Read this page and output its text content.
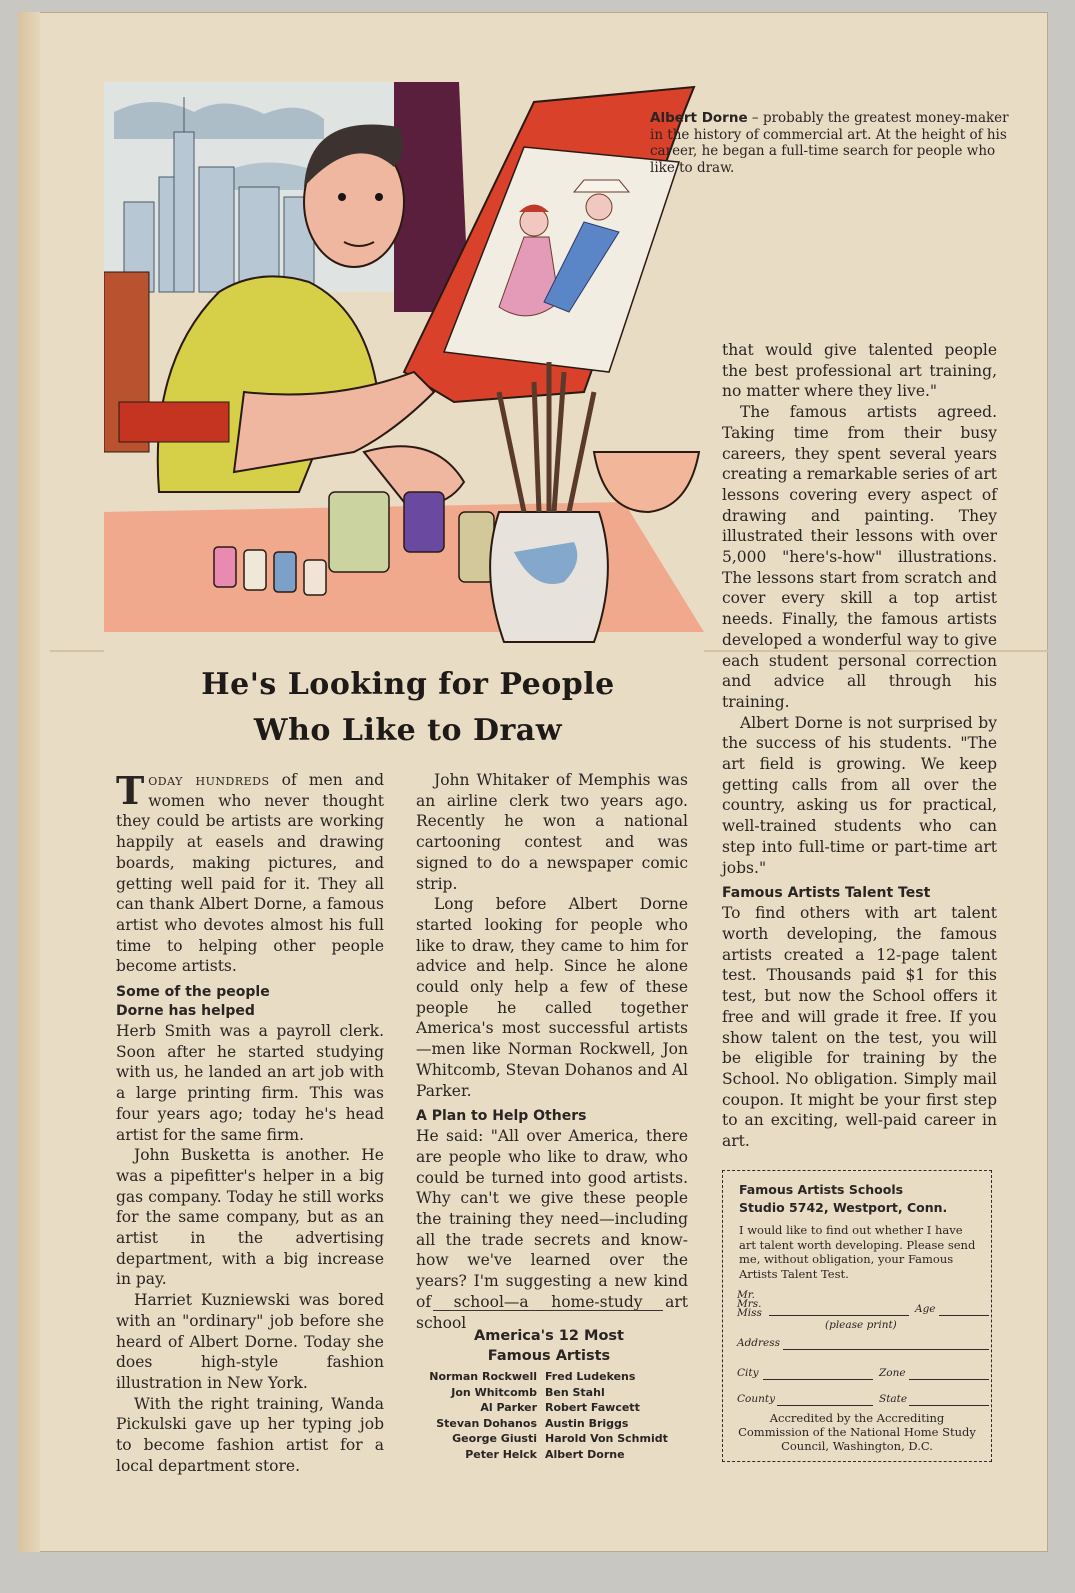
Albert Dorne – probably the greatest money-maker in the history of commercial art. At the height of his career, he began a full-time search for people who like to draw.
He's Looking for People
Who Like to Draw

Today hundreds of men and women who never thought they could be artists are working happily at easels and drawing boards, making pictures, and getting well paid for it. They all can thank Albert Dorne, a famous artist who devotes almost his full time to helping other people become artists.

Some of the people
Dorne has helped

Herb Smith was a payroll clerk. Soon after he started studying with us, he landed an art job with a large printing firm. This was four years ago; today he's head artist for the same firm.

John Busketta is another. He was a pipefitter's helper in a big gas company. Today he still works for the same company, but as an artist in the advertising department, with a big increase in pay.

Harriet Kuzniewski was bored with an "ordinary" job before she heard of Albert Dorne. Today she does high-style fashion illustration in New York.

With the right training, Wanda Pickulski gave up her typing job to become fashion artist for a local department store.

John Whitaker of Memphis was an airline clerk two years ago. Recently he won a national cartooning contest and was signed to do a newspaper comic strip.

Long before Albert Dorne started looking for people who like to draw, they came to him for advice and help. Since he alone could only help a few of these people he called together America's most successful artists —men like Norman Rockwell, Jon Whitcomb, Stevan Dohanos and Al Parker.

A Plan to Help Others

He said: "All over America, there are people who like to draw, who could be turned into good artists. Why can't we give these people the training they need—including all the trade secrets and know-how we've learned over the years? I'm suggesting a new kind of school—a home-study art school

America's 12 Most
Famous Artists
Norman Rockwell Fred Ludekens
Jon Whitcomb Ben Stahl
Al Parker Robert Fawcett
Stevan Dohanos Austin Briggs
George Giusti Harold Von Schmidt
Peter Helck Albert Dorne

that would give talented people the best professional art training, no matter where they live."

The famous artists agreed. Taking time from their busy careers, they spent several years creating a remarkable series of art lessons covering every aspect of drawing and painting. They illustrated their lessons with over 5,000 "here's-how" illustrations. The lessons start from scratch and cover every skill a top artist needs. Finally, the famous artists developed a wonderful way to give each student personal correction and advice all through his training.

Albert Dorne is not surprised by the success of his students. "The art field is growing. We keep getting calls from all over the country, asking us for practical, well-trained students who can step into full-time or part-time art jobs."

Famous Artists Talent Test

To find others with art talent worth developing, the famous artists created a 12-page talent test. Thousands paid $1 for this test, but now the School offers it free and will grade it free. If you show talent on the test, you will be eligible for training by the School. No obligation. Simply mail coupon. It might be your first step to an exciting, well-paid career in art.

Famous Artists Schools
Studio 5742, Westport, Conn.
I would like to find out whether I have art talent worth developing. Please send me, without obligation, your Famous Artists Talent Test.
Mr.
Mrs.
Miss
(please print)
Age
Address
City	Zone
County	State
Accredited by the Accrediting Commission of the National Home Study Council, Washington, D.C.
